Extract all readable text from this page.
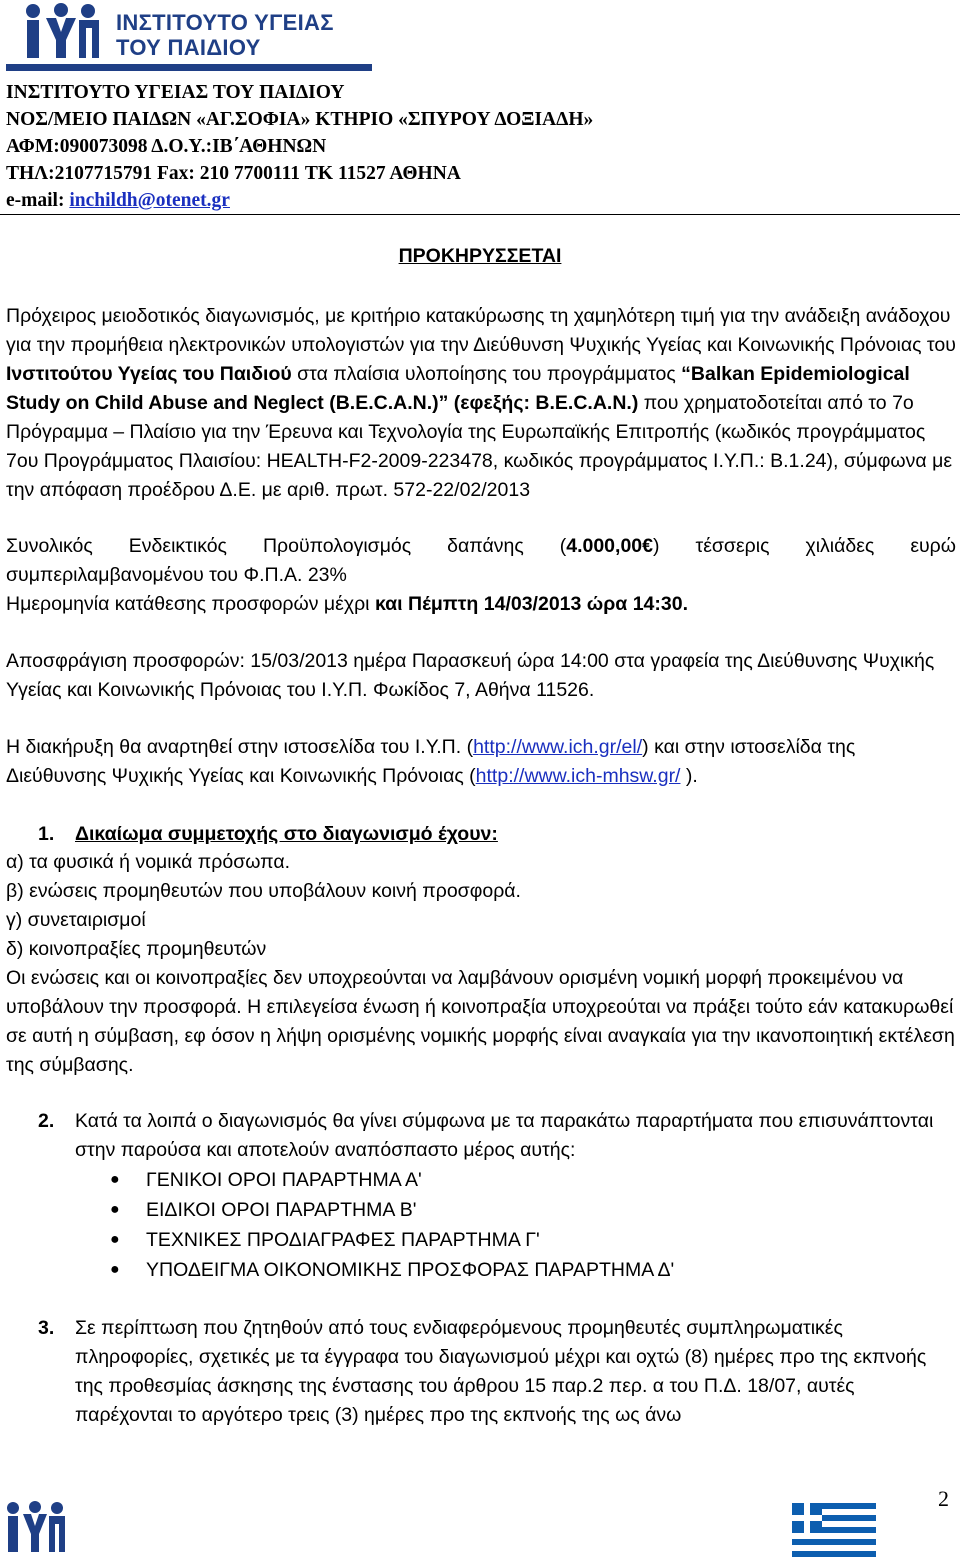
ΙΝΣΤΙΤΟΥΤΟ ΥΓΕΙΑΣ
ΤΟΥ ΠΑΙΔΙΟΥ
ΙΝΣΤΙΤΟΥΤΟ ΥΓΕΙΑΣ ΤΟΥ ΠΑΙΔΙΟΥ
ΝΟΣ/ΜΕΙΟ ΠΑΙΔΩΝ «ΑΓ.ΣΟΦΙΑ» ΚΤΗΡΙΟ «ΣΠΥΡΟΥ ΔΟΞΙΑΔΗ»
ΑΦΜ:090073098 Δ.Ο.Υ.:ΙΒ΄ΑΘΗΝΩΝ
ΤΗΛ:2107715791 Fax: 210 7700111 ΤΚ 11527 ΑΘΗΝΑ
e-mail: inchildh@otenet.gr
ΠΡΟΚΗΡΥΣΣΕΤΑΙ
Πρόχειρος μειοδοτικός διαγωνισμός, με κριτήριο κατακύρωσης τη χαμηλότερη τιμή για την ανάδειξη ανάδοχου για την προμήθεια ηλεκτρονικών υπολογιστών για την Διεύθυνση Ψυχικής Υγείας και Κοινωνικής Πρόνοιας του Ινστιτούτου Υγείας του Παιδιού στα πλαίσια υλοποίησης του προγράμματος “Balkan Epidemiological Study on Child Abuse and Neglect (B.E.C.A.N.)” (εφεξής: B.E.C.A.N.) που χρηματοδοτείται από το 7ο Πρόγραμμα – Πλαίσιο για την Έρευνα και Τεχνολογία της Ευρωπαϊκής Επιτροπής (κωδικός προγράμματος 7ου Προγράμματος Πλαισίου: HEALTH-F2-2009-223478, κωδικός προγράμματος Ι.Υ.Π.: Β.1.24), σύμφωνα με την απόφαση προέδρου Δ.Ε. με αριθ. πρωτ. 572-22/02/2013
Συνολικός Ενδεικτικός Προϋπολογισμός δαπάνης (4.000,00€) τέσσερις χιλιάδες ευρώ
συμπεριλαμβανομένου του Φ.Π.Α. 23%
Ημερομηνία κατάθεσης προσφορών μέχρι και Πέμπτη 14/03/2013 ώρα 14:30.
Αποσφράγιση προσφορών: 15/03/2013 ημέρα Παρασκευή ώρα 14:00 στα γραφεία της Διεύθυνσης Ψυχικής Υγείας και Κοινωνικής Πρόνοιας του Ι.Υ.Π. Φωκίδος 7, Αθήνα 11526.
Η διακήρυξη θα αναρτηθεί στην ιστοσελίδα του Ι.Υ.Π. (http://www.ich.gr/el/) και στην ιστοσελίδα της Διεύθυνσης Ψυχικής Υγείας και Κοινωνικής Πρόνοιας (http://www.ich-mhsw.gr/ ).
1. Δικαίωμα συμμετοχής στο διαγωνισμό έχουν:
α) τα φυσικά ή νομικά πρόσωπα.
β) ενώσεις προμηθευτών που υποβάλουν κοινή προσφορά.
γ) συνεταιρισμοί
δ) κοινοπραξίες προμηθευτών
Οι ενώσεις και οι κοινοπραξίες δεν υποχρεούνται να λαμβάνουν ορισμένη νομική μορφή προκειμένου να υποβάλουν την προσφορά. Η επιλεγείσα ένωση ή κοινοπραξία υποχρεούται να πράξει τούτο εάν κατακυρωθεί σε αυτή η σύμβαση, εφ όσον η λήψη ορισμένης νομικής μορφής είναι αναγκαία για την ικανοποιητική εκτέλεση της σύμβασης.
2. Κατά τα λοιπά ο διαγωνισμός θα γίνει σύμφωνα με τα παρακάτω παραρτήματα που επισυνάπτονται στην παρούσα και αποτελούν αναπόσπαστο μέρος αυτής:
●	ΓΕΝΙΚΟΙ ΟΡΟΙ ΠΑΡΑΡΤΗΜΑ Α'
●	ΕΙΔΙΚΟΙ ΟΡΟΙ ΠΑΡΑΡΤΗΜΑ Β'
●	ΤΕΧΝΙΚΕΣ ΠΡΟΔΙΑΓΡΑΦΕΣ ΠΑΡΑΡΤΗΜΑ Γ'
●	ΥΠΟΔΕΙΓΜΑ ΟΙΚΟΝΟΜΙΚΗΣ ΠΡΟΣΦΟΡΑΣ ΠΑΡΑΡΤΗΜΑ Δ'
3. Σε περίπτωση που ζητηθούν από τους ενδιαφερόμενους προμηθευτές συμπληρωματικές πληροφορίες, σχετικές με τα έγγραφα του διαγωνισμού μέχρι και οχτώ (8) ημέρες προ της εκπνοής της προθεσμίας άσκησης της ένστασης του άρθρου 15 παρ.2 περ. α του Π.Δ. 18/07, αυτές παρέχονται το αργότερο τρεις (3) ημέρες προ της εκπνοής της ως άνω
2
